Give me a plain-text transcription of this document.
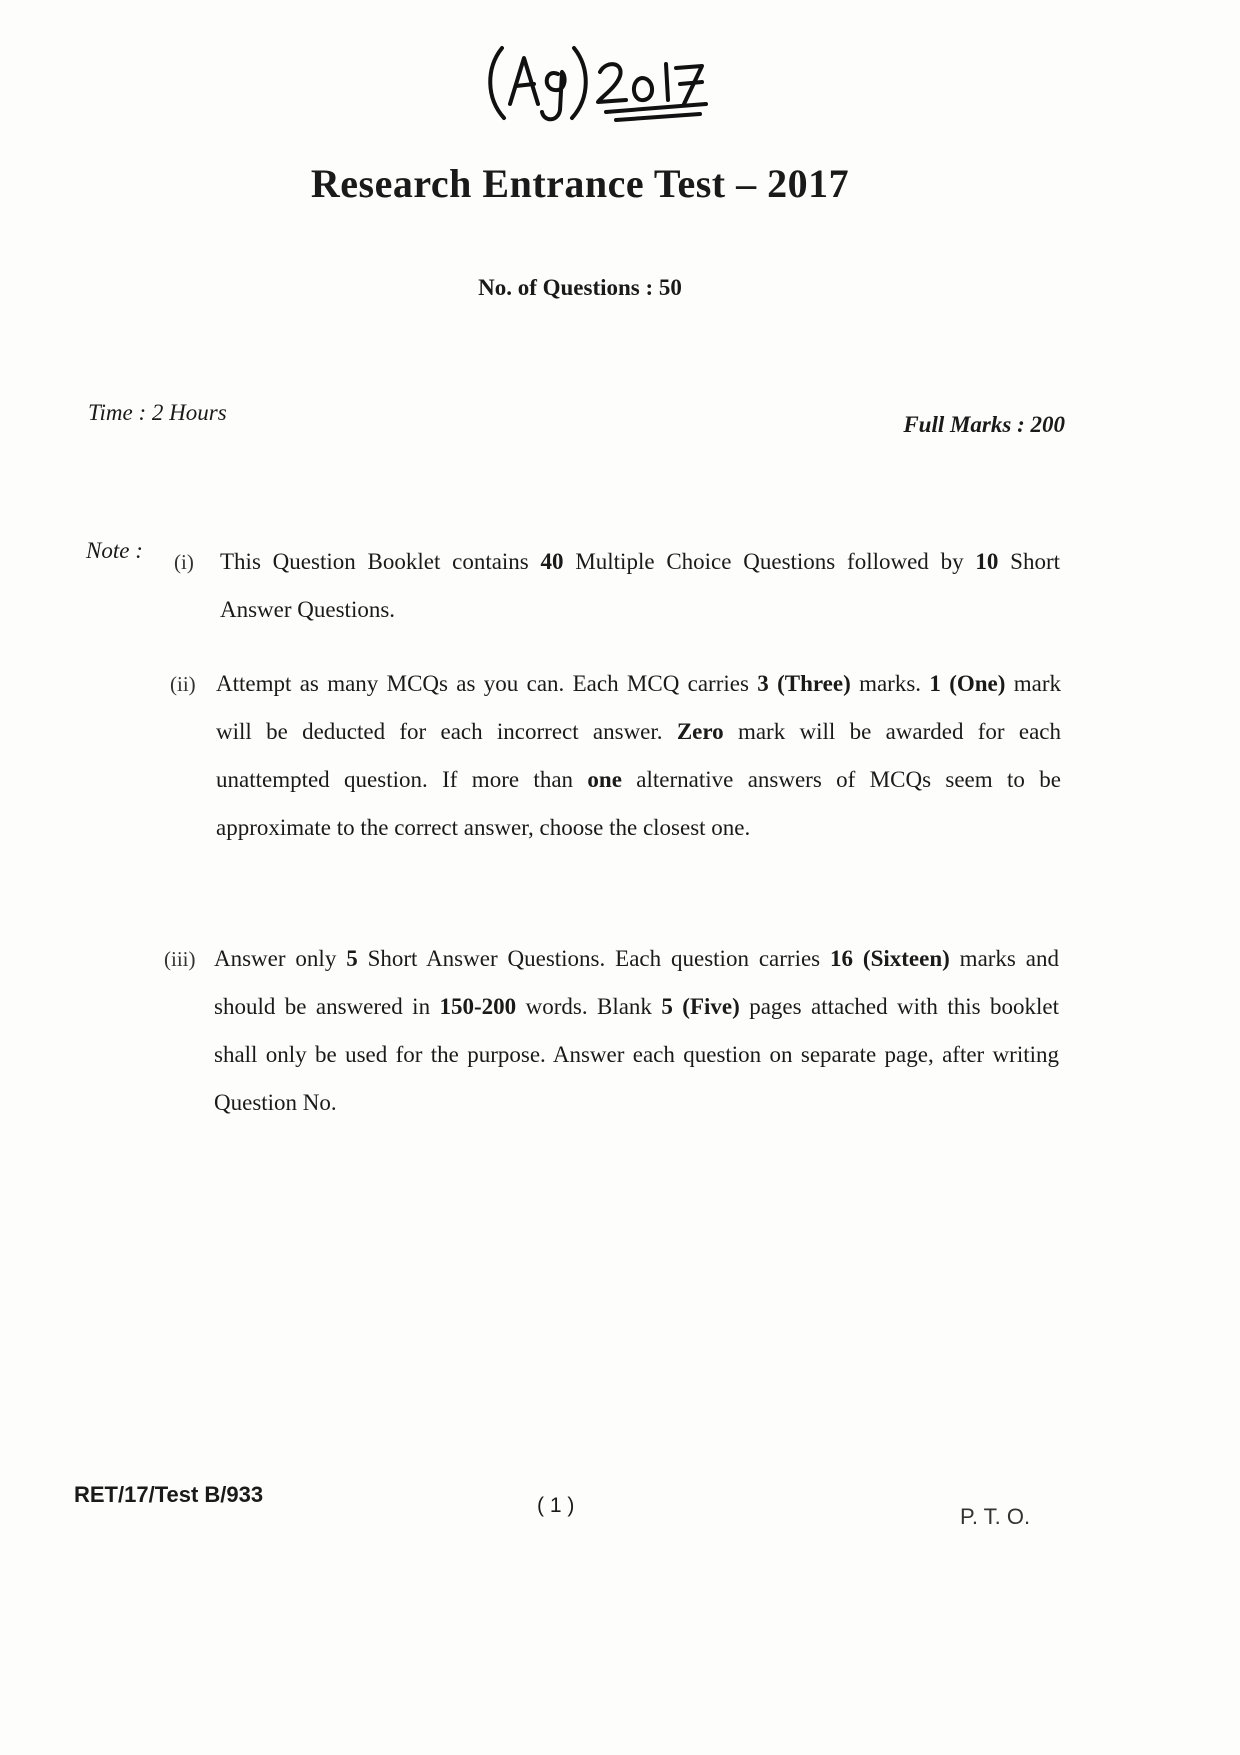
Research Entrance Test – 2017
No. of Questions : 50
Time : 2 Hours	Full Marks : 200
Note : (i) This Question Booklet contains 40 Multiple Choice Questions followed by 10 Short Answer Questions.
(ii) Attempt as many MCQs as you can. Each MCQ carries 3 (Three) marks. 1 (One) mark will be deducted for each incorrect answer. Zero mark will be awarded for each unattempted question. If more than one alternative answers of MCQs seem to be approximate to the correct answer, choose the closest one.
(iii) Answer only 5 Short Answer Questions. Each question carries 16 (Sixteen) marks and should be answered in 150-200 words. Blank 5 (Five) pages attached with this booklet shall only be used for the purpose. Answer each question on separate page, after writing Question No.
RET/17/Test B/933	( 1 )	P. T. O.
